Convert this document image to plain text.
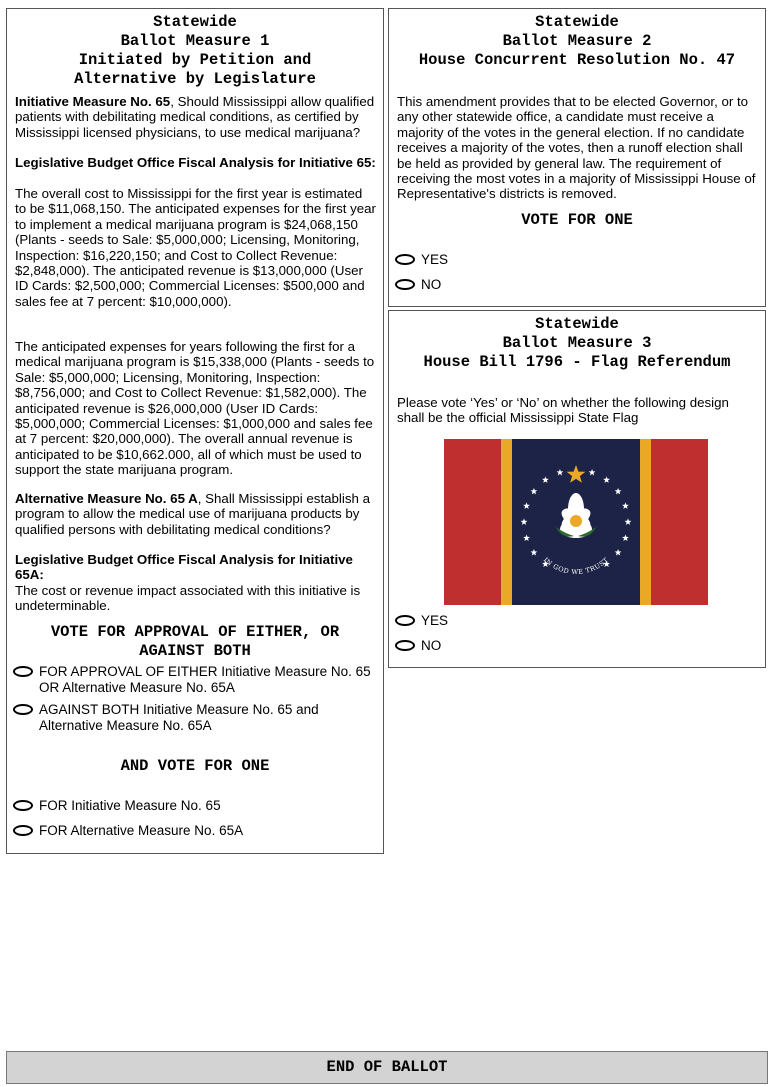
Statewide
Ballot Measure 1
Initiated by Petition and
Alternative by Legislature

Initiative Measure No. 65, Should Mississippi allow qualified patients with debilitating medical conditions, as certified by Mississippi licensed physicians, to use medical marijuana?

Legislative Budget Office Fiscal Analysis for Initiative 65:

The overall cost to Mississippi for the first year is estimated to be $11,068,150. The anticipated expenses for the first year to implement a medical marijuana program is $24,068,150 (Plants - seeds to Sale: $5,000,000; Licensing, Monitoring, Inspection: $16,220,150; and Cost to Collect Revenue: $2,848,000). The anticipated revenue is $13,000,000 (User ID Cards: $2,500,000; Commercial Licenses: $500,000 and sales fee at 7 percent: $10,000,000).

The anticipated expenses for years following the first for a medical marijuana program is $15,338,000 (Plants - seeds to Sale: $5,000,000; Licensing, Monitoring, Inspection: $8,756,000; and Cost to Collect Revenue: $1,582,000). The anticipated revenue is $26,000,000 (User ID Cards: $5,000,000; Commercial Licenses: $1,000,000 and sales fee at 7 percent: $20,000,000). The overall annual revenue is anticipated to be $10,662.000, all of which must be used to support the state marijuana program.

Alternative Measure No. 65 A, Shall Mississippi establish a program to allow the medical use of marijuana products by qualified persons with debilitating medical conditions?

Legislative Budget Office Fiscal Analysis for Initiative 65A:

The cost or revenue impact associated with this initiative is undeterminable.

VOTE FOR APPROVAL OF EITHER, OR
AGAINST BOTH
FOR APPROVAL OF EITHER Initiative Measure No. 65 OR Alternative Measure No. 65A
AGAINST BOTH Initiative Measure No. 65 and Alternative Measure No. 65A
AND VOTE FOR ONE
FOR Initiative Measure No. 65
FOR Alternative Measure No. 65A
Statewide
Ballot Measure 2
House Concurrent Resolution No. 47

This amendment provides that to be elected Governor, or to any other statewide office, a candidate must receive a majority of the votes in the general election. If no candidate receives a majority of the votes, then a runoff election shall be held as provided by general law. The requirement of receiving the most votes in a majority of Mississippi House of Representative's districts is removed.

VOTE FOR ONE
YES
NO
Statewide
Ballot Measure 3
House Bill 1796 - Flag Referendum

Please vote ‘Yes’ or ‘No’ on whether the following design shall be the official Mississippi State Flag

IN GOD WE TRUST
YES
NO
END OF BALLOT
